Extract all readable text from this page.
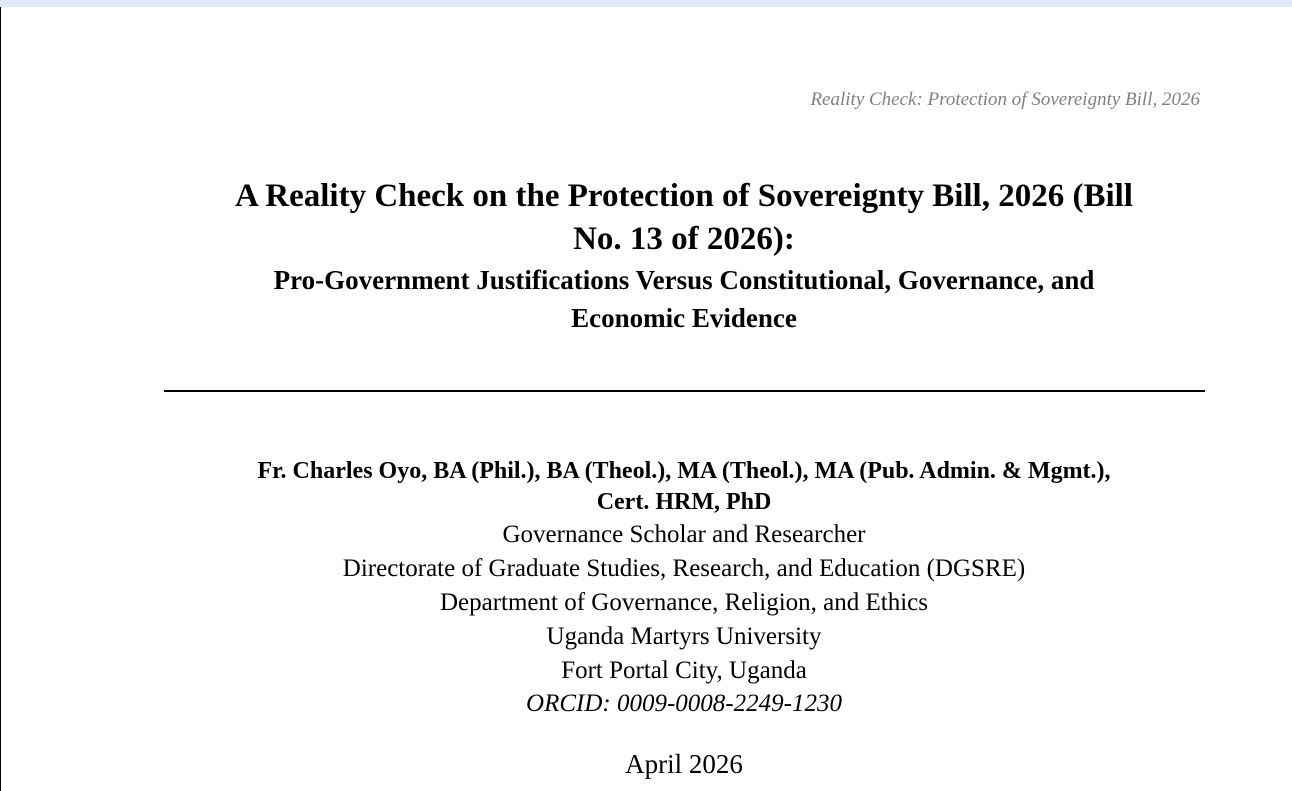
Reality Check: Protection of Sovereignty Bill, 2026
A Reality Check on the Protection of Sovereignty Bill, 2026 (Bill
No. 13 of 2026):
Pro-Government Justifications Versus Constitutional, Governance, and
Economic Evidence
Fr. Charles Oyo, BA (Phil.), BA (Theol.), MA (Theol.), MA (Pub. Admin. & Mgmt.),
Cert. HRM, PhD
Governance Scholar and Researcher
Directorate of Graduate Studies, Research, and Education (DGSRE)
Department of Governance, Religion, and Ethics
Uganda Martyrs University
Fort Portal City, Uganda
ORCID: 0009-0008-2249-1230
April 2026
